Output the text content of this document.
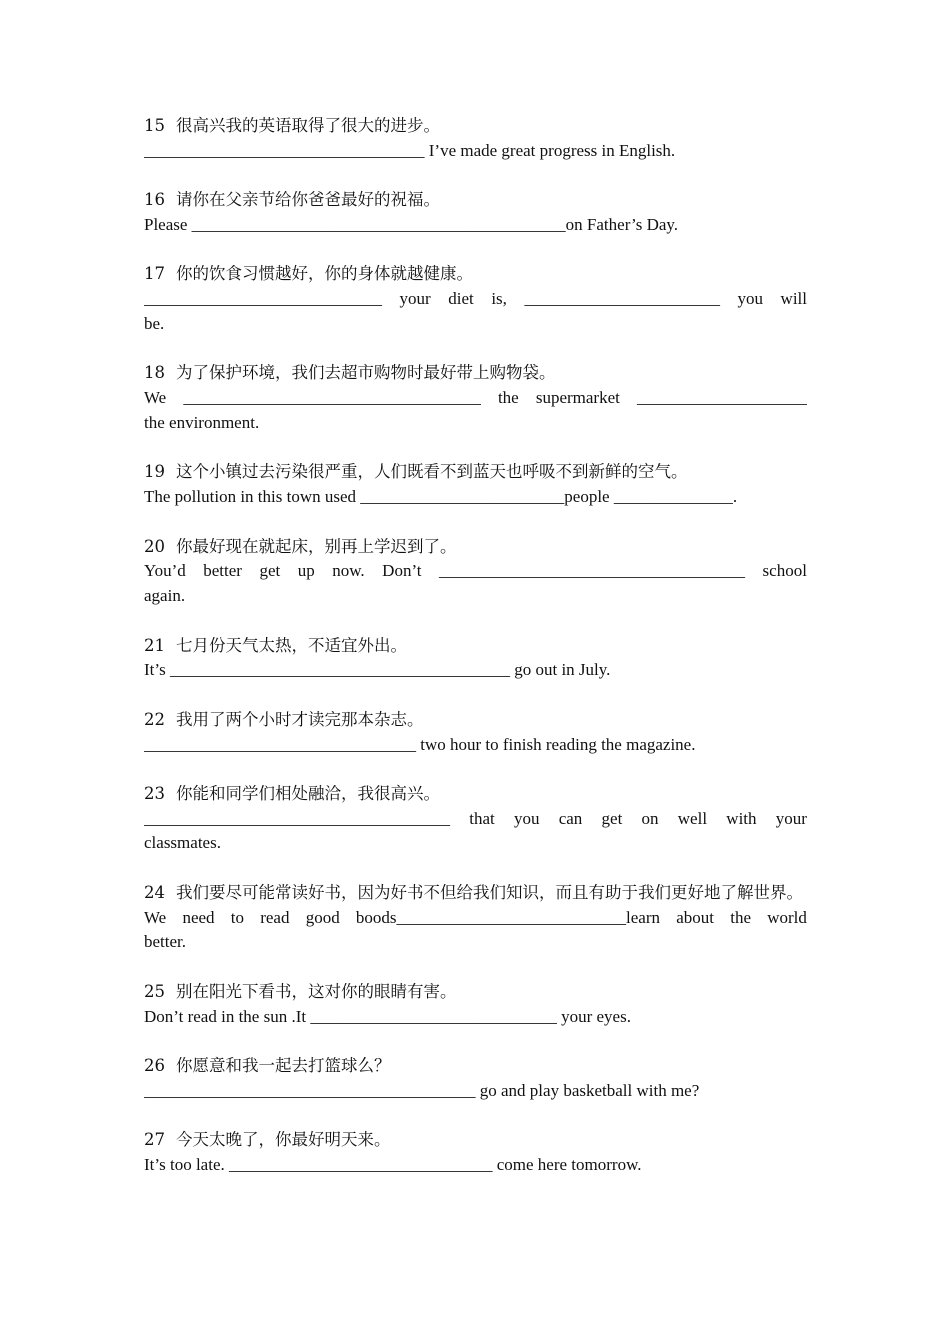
15 很高兴我的英语取得了很大的进步。
_________________________________ I’ve made great progress in English.
16 请你在父亲节给你爸爸最好的祝福。
Please ____________________________________________on Father’s Day.
17 你的饮食习惯越好，你的身体就越健康。
____________________________ your diet is, _______________________ you will
be.
18 为了保护环境，我们去超市购物时最好带上购物袋。
We ___________________________________ the supermarket ____________________
the environment.
19 这个小镇过去污染很严重，人们既看不到蓝天也呼吸不到新鲜的空气。
The pollution in this town used ________________________people ______________.
20 你最好现在就起床，别再上学迟到了。
You’d better get up now. Don’t ____________________________________ school
again.
21 七月份天气太热，不适宜外出。
It’s ________________________________________ go out in July.
22 我用了两个小时才读完那本杂志。
________________________________ two hour to finish reading the magazine.
23 你能和同学们相处融洽，我很高兴。
____________________________________ that you can get on well with your
classmates.
24 我们要尽可能常读好书，因为好书不但给我们知识，而且有助于我们更好地了解世界。
We need to read good boods___________________________learn about the world
better.
25 别在阳光下看书，这对你的眼睛有害。
Don’t read in the sun .It _____________________________ your eyes.
26 你愿意和我一起去打篮球么？
_______________________________________ go and play basketball with me?
27 今天太晚了，你最好明天来。
It’s too late. _______________________________ come here tomorrow.
